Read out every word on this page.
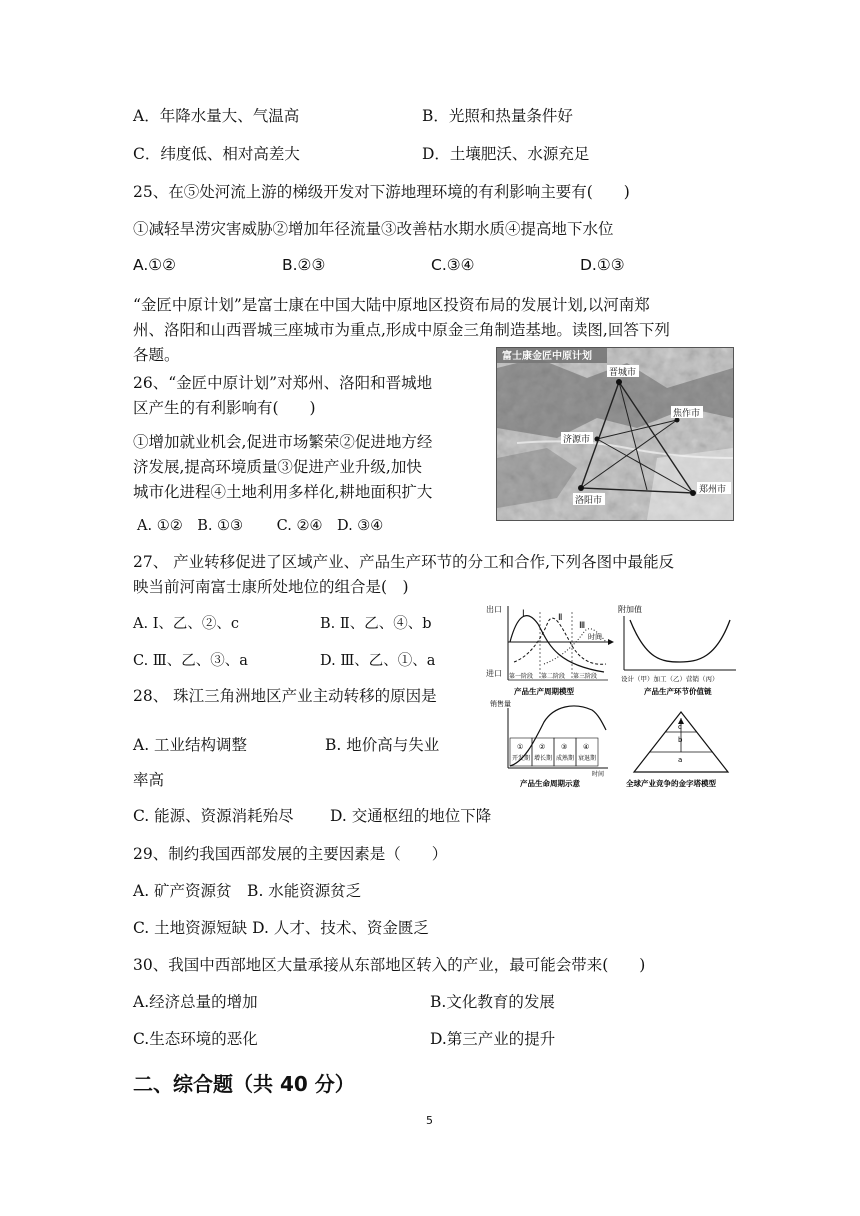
A．年降水量大、气温高	B．光照和热量条件好
C．纬度低、相对高差大	D．土壤肥沃、水源充足
25、在⑤处河流上游的梯级开发对下游地理环境的有利影响主要有(　　)
①减轻旱涝灾害威胁②增加年径流量③改善枯水期水质④提高地下水位
A.①②	B.②③	C.③④	D.①③
“金匠中原计划”是富士康在中国大陆中原地区投资布局的发展计划,以河南郑
州、洛阳和山西晋城三座城市为重点,形成中原金三角制造基地。读图,回答下列
各题。	富士康金匠中原计划
晋城市
焦作市
济源市
郑州市
洛阳市
26、“金匠中原计划”对郑州、洛阳和晋城地
区产生的有利影响有(　　)
①增加就业机会,促进市场繁荣②促进地方经
济发展,提高环境质量③促进产业升级,加快
城市化进程④土地利用多样化,耕地面积扩大
A. ①②　B. ①③　　 C. ②④　D. ③④
27、 产业转移促进了区域产业、产品生产环节的分工和合作,下列各图中最能反
映当前河南富士康所处地位的组合是(　)
A. Ⅰ、乙、②、c	B. Ⅱ、乙、④、b
C. Ⅲ、乙、③、a	D. Ⅲ、乙、①、a
28、 珠江三角洲地区产业主动转移的原因是
A. 工业结构调整	B. 地价高与失业
率高
C. 能源、资源消耗殆尽 D. 交通枢纽的地位下降
出口
进口
Ⅰ	Ⅱ
Ⅲ
时间
第一阶段 第二阶段 第三阶段
产品生产周期模型
附加值
设计（甲）加工（乙）营销（丙）
产品生产环节价值链
销售量
① ② ③ ④
开发期 增长期 成熟期 衰退期
时间
产品生命周期示意
c
b
a
全球产业竞争的金字塔模型
29、制约我国西部发展的主要因素是（　　）
A. 矿产资源贫　B. 水能资源贫乏
C. 土地资源短缺 D. 人才、技术、资金匮乏
30、我国中西部地区大量承接从东部地区转入的产业，最可能会带来(　　)
A.经济总量的增加	B.文化教育的发展
C.生态环境的恶化	D.第三产业的提升
二、综合题（共 40 分）
5
